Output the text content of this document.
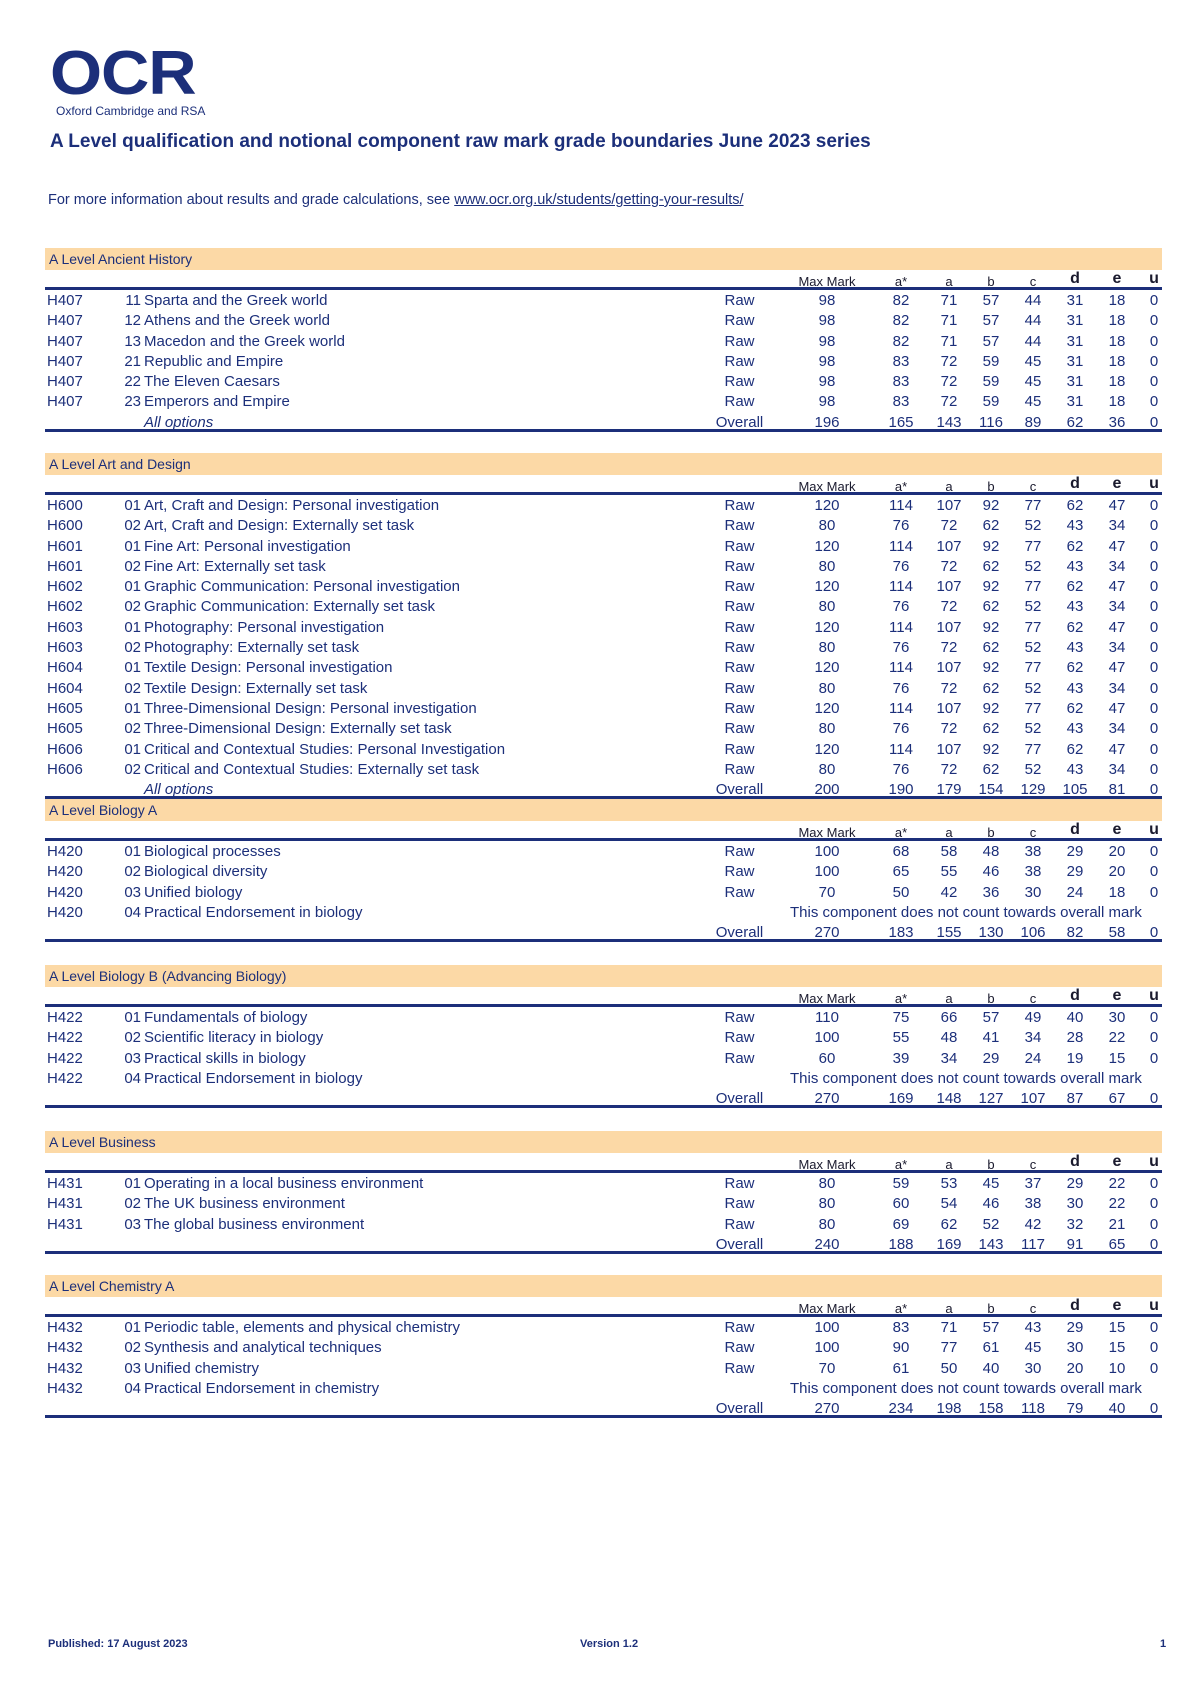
OCR
Oxford Cambridge and RSA
A Level qualification and notional component raw mark grade boundaries June 2023 series
For more information about results and grade calculations, see www.ocr.org.uk/students/getting-your-results/
A Level Ancient History
Max Mark	a*	a	b	c	d	e	u
H407	11 Sparta and the Greek world	Raw	98	82	71	57	44	31	18	0
H407	12 Athens and the Greek world	Raw	98	82	71	57	44	31	18	0
H407	13 Macedon and the Greek world	Raw	98	82	71	57	44	31	18	0
H407	21 Republic and Empire	Raw	98	83	72	59	45	31	18	0
H407	22 The Eleven Caesars	Raw	98	83	72	59	45	31	18	0
H407	23 Emperors and Empire	Raw	98	83	72	59	45	31	18	0
All options	Overall	196	165	143	116	89	62	36	0
A Level Art and Design
Max Mark	a*	a	b	c	d	e	u
H600	01 Art, Craft and Design: Personal investigation	Raw	120	114	107	92	77	62	47	0
H600	02 Art, Craft and Design: Externally set task	Raw	80	76	72	62	52	43	34	0
H601	01 Fine Art: Personal investigation	Raw	120	114	107	92	77	62	47	0
H601	02 Fine Art: Externally set task	Raw	80	76	72	62	52	43	34	0
H602	01 Graphic Communication: Personal investigation	Raw	120	114	107	92	77	62	47	0
H602	02 Graphic Communication: Externally set task	Raw	80	76	72	62	52	43	34	0
H603	01 Photography: Personal investigation	Raw	120	114	107	92	77	62	47	0
H603	02 Photography: Externally set task	Raw	80	76	72	62	52	43	34	0
H604	01 Textile Design: Personal investigation	Raw	120	114	107	92	77	62	47	0
H604	02 Textile Design: Externally set task	Raw	80	76	72	62	52	43	34	0
H605	01 Three-Dimensional Design: Personal investigation	Raw	120	114	107	92	77	62	47	0
H605	02 Three-Dimensional Design: Externally set task	Raw	80	76	72	62	52	43	34	0
H606	01 Critical and Contextual Studies: Personal Investigation	Raw	120	114	107	92	77	62	47	0
H606	02 Critical and Contextual Studies: Externally set task	Raw	80	76	72	62	52	43	34	0
All options	Overall	200	190	179	154	129	105	81	0
A Level Biology A
Max Mark	a*	a	b	c	d	e	u
H420	01 Biological processes	Raw	100	68	58	48	38	29	20	0
H420	02 Biological diversity	Raw	100	65	55	46	38	29	20	0
H420	03 Unified biology	Raw	70	50	42	36	30	24	18	0
H420	04 Practical Endorsement in biology	This component does not count towards overall mark
Overall	270	183	155	130	106	82	58	0
A Level Biology B (Advancing Biology)
Max Mark	a*	a	b	c	d	e	u
H422	01 Fundamentals of biology	Raw	110	75	66	57	49	40	30	0
H422	02 Scientific literacy in biology	Raw	100	55	48	41	34	28	22	0
H422	03 Practical skills in biology	Raw	60	39	34	29	24	19	15	0
H422	04 Practical Endorsement in biology	This component does not count towards overall mark
Overall	270	169	148	127	107	87	67	0
A Level Business
Max Mark	a*	a	b	c	d	e	u
H431	01 Operating in a local business environment	Raw	80	59	53	45	37	29	22	0
H431	02 The UK business environment	Raw	80	60	54	46	38	30	22	0
H431	03 The global business environment	Raw	80	69	62	52	42	32	21	0
Overall	240	188	169	143	117	91	65	0
A Level Chemistry A
Max Mark	a*	a	b	c	d	e	u
H432	01 Periodic table, elements and physical chemistry	Raw	100	83	71	57	43	29	15	0
H432	02 Synthesis and analytical techniques	Raw	100	90	77	61	45	30	15	0
H432	03 Unified chemistry	Raw	70	61	50	40	30	20	10	0
H432	04 Practical Endorsement in chemistry	This component does not count towards overall mark
Overall	270	234	198	158	118	79	40	0
Published: 17 August 2023	Version 1.2	1
